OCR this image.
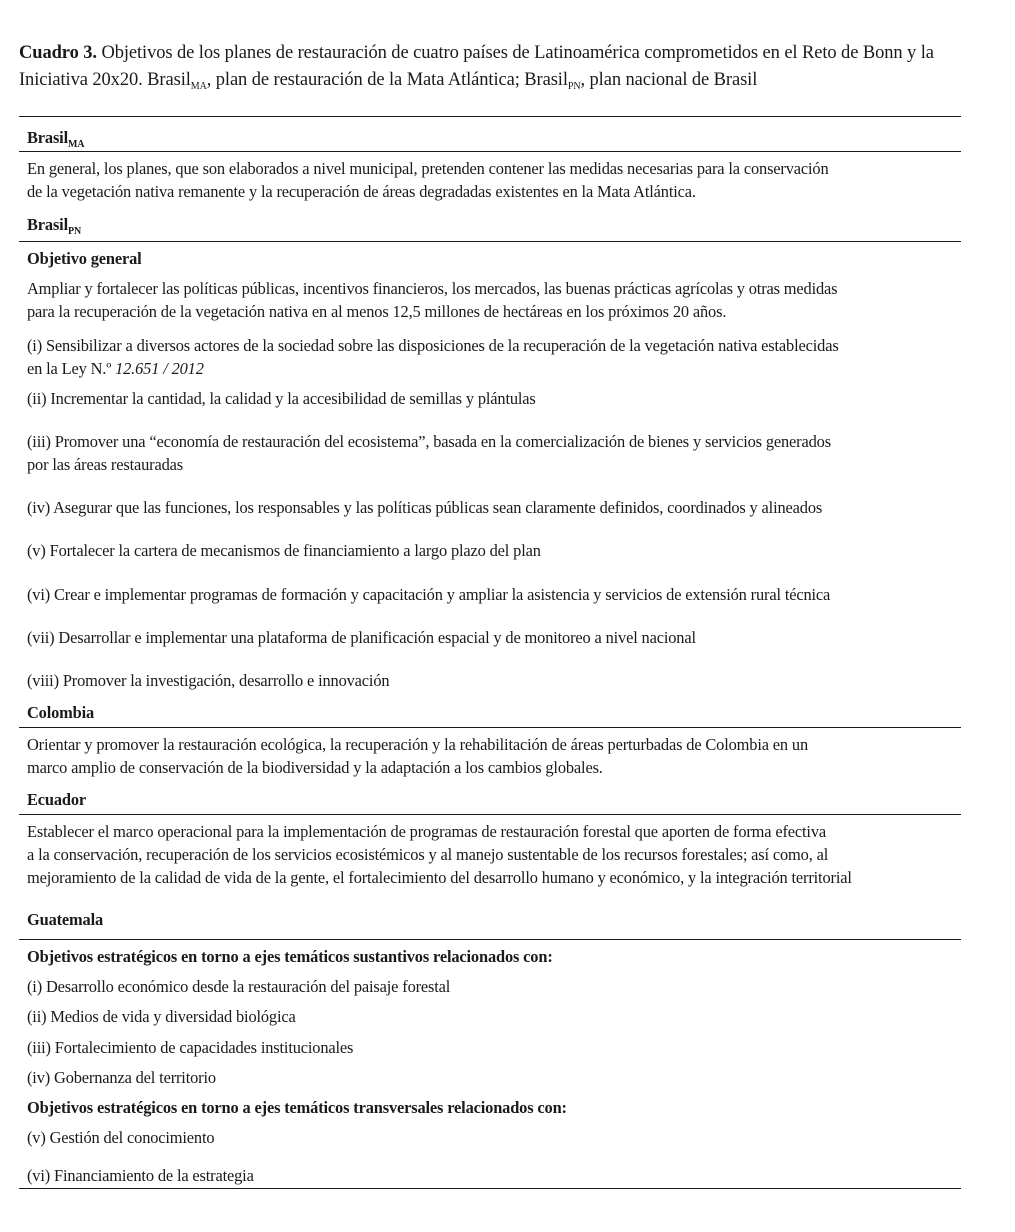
Cuadro 3. Objetivos de los planes de restauración de cuatro países de Latinoamérica comprometidos en el Reto de Bonn y la Iniciativa 20x20. Brasil$_{MA}$, plan de restauración de la Mata Atlántica; Brasil$_{PN}$, plan nacional de Brasil
Brasil$_{MA}$
En general, los planes, que son elaborados a nivel municipal, pretenden contener las medidas necesarias para la conservación
de la vegetación nativa remanente y la recuperación de áreas degradadas existentes en la Mata Atlántica.
Brasil$_{PN}$
Objetivo general
Ampliar y fortalecer las políticas públicas, incentivos financieros, los mercados, las buenas prácticas agrícolas y otras medidas
para la recuperación de la vegetación nativa en al menos 12,5 millones de hectáreas en los próximos 20 años.
(i) Sensibilizar a diversos actores de la sociedad sobre las disposiciones de la recuperación de la vegetación nativa establecidas
en la Ley N.º 12.651 / 2012
(ii) Incrementar la cantidad, la calidad y la accesibilidad de semillas y plántulas
(iii) Promover una “economía de restauración del ecosistema”, basada en la comercialización de bienes y servicios generados
por las áreas restauradas
(iv) Asegurar que las funciones, los responsables y las políticas públicas sean claramente definidos, coordinados y alineados
(v) Fortalecer la cartera de mecanismos de financiamiento a largo plazo del plan
(vi) Crear e implementar programas de formación y capacitación y ampliar la asistencia y servicios de extensión rural técnica
(vii) Desarrollar e implementar una plataforma de planificación espacial y de monitoreo a nivel nacional
(viii) Promover la investigación, desarrollo e innovación
Colombia
Orientar y promover la restauración ecológica, la recuperación y la rehabilitación de áreas perturbadas de Colombia en un
marco amplio de conservación de la biodiversidad y la adaptación a los cambios globales.
Ecuador
Establecer el marco operacional para la implementación de programas de restauración forestal que aporten de forma efectiva
a la conservación, recuperación de los servicios ecosistémicos y al manejo sustentable de los recursos forestales; así como, al
mejoramiento de la calidad de vida de la gente, el fortalecimiento del desarrollo humano y económico, y la integración territorial
Guatemala
Objetivos estratégicos en torno a ejes temáticos sustantivos relacionados con:
(i) Desarrollo económico desde la restauración del paisaje forestal
(ii) Medios de vida y diversidad biológica
(iii) Fortalecimiento de capacidades institucionales
(iv) Gobernanza del territorio
Objetivos estratégicos en torno a ejes temáticos transversales relacionados con:
(v) Gestión del conocimiento
(vi) Financiamiento de la estrategia
